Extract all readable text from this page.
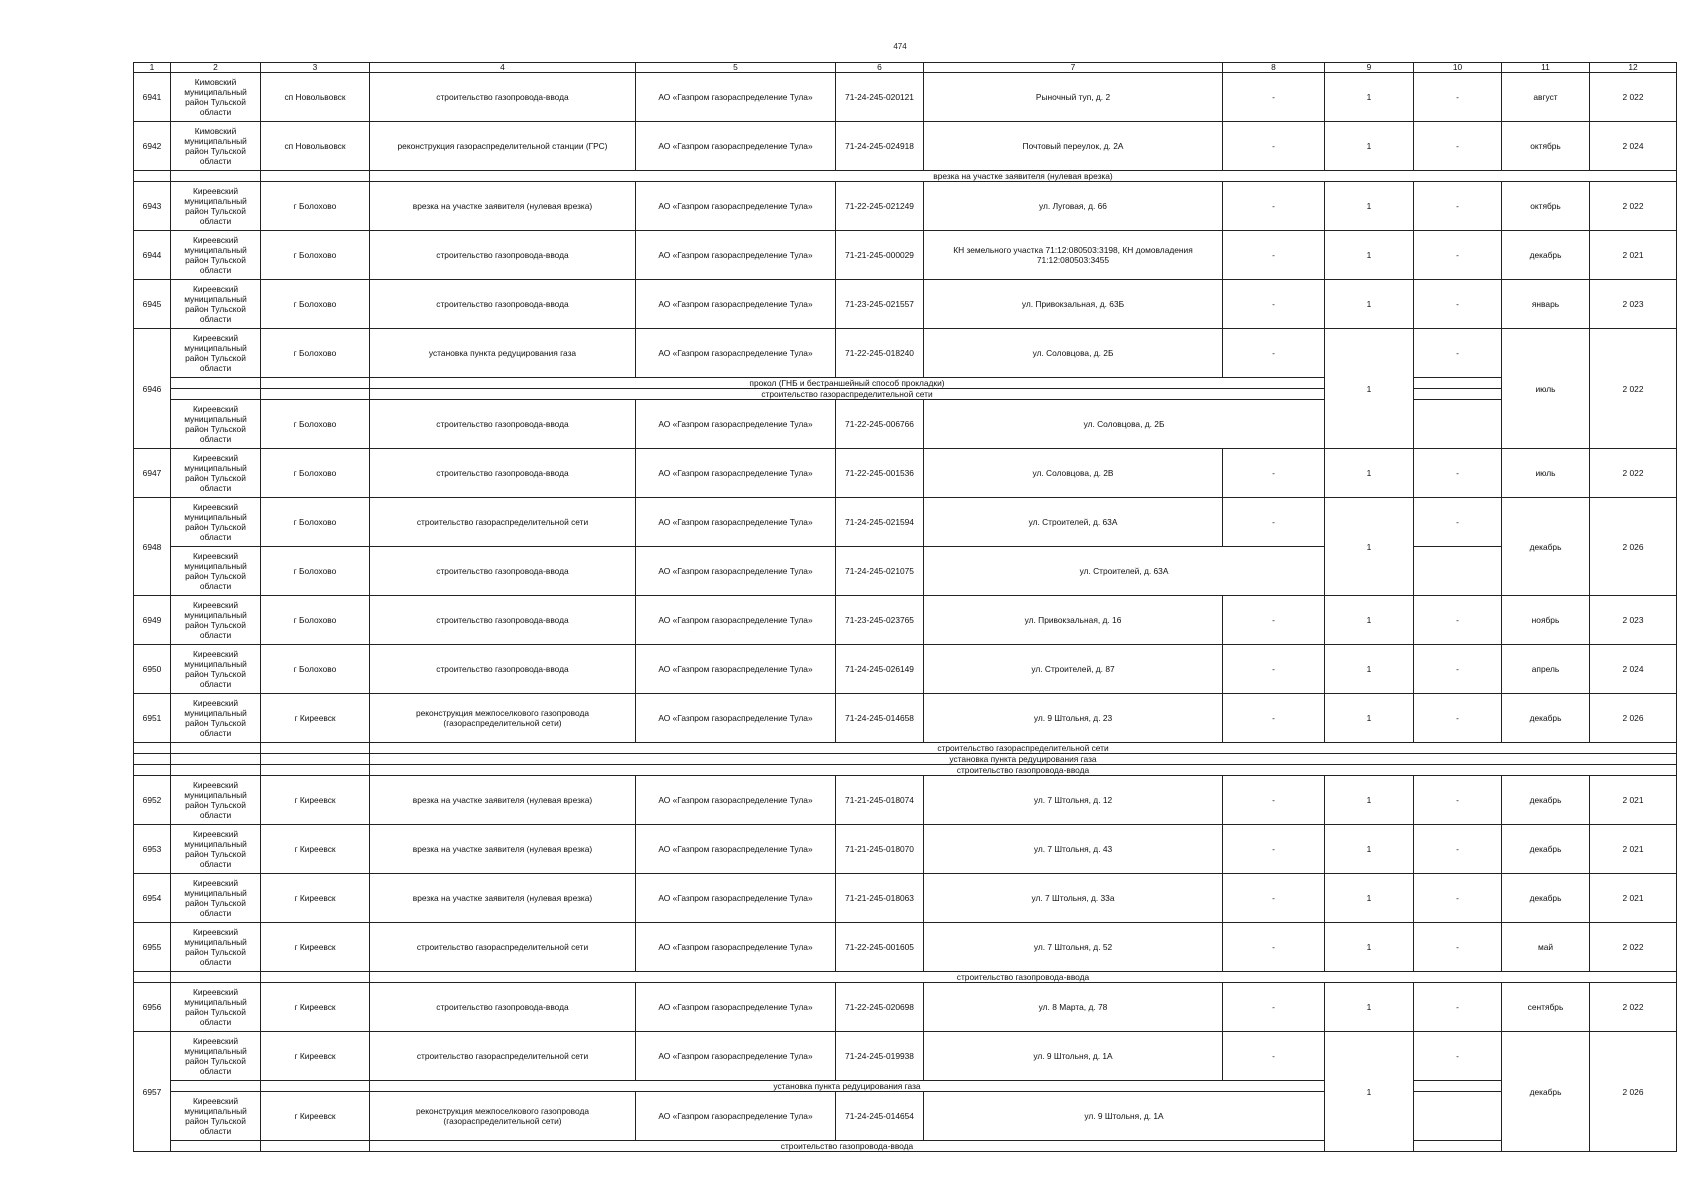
474
1	2	3	4	5	6	7	8	9	10	11	12
6941	Кимовский муниципальный район Тульской области	сп Новольвовск	строительство газопровода-ввода	АО «Газпром газораспределение Тула»	71-24-245-020121	Рыночный туп, д. 2	-	1	-	август	2 022
6942	Кимовский муниципальный район Тульской области	сп Новольвовск	реконструкция газораспределительной станции (ГРС)	АО «Газпром газораспределение Тула»	71-24-245-024918	Почтовый переулок, д. 2А	-	1	-	октябрь	2 024
			врезка на участке заявителя (нулевая врезка)								
6943	Киреевский муниципальный район Тульской области	г Болохово	врезка на участке заявителя (нулевая врезка)	АО «Газпром газораспределение Тула»	71-22-245-021249	ул. Луговая, д. 66	-	1	-	октябрь	2 022
6944	Киреевский муниципальный район Тульской области	г Болохово	строительство газопровода-ввода	АО «Газпром газораспределение Тула»	71-21-245-000029	КН земельного участка 71:12:080503:3198, КН домовладения 71:12:080503:3455	-	1	-	декабрь	2 021
6945	Киреевский муниципальный район Тульской области	г Болохово	строительство газопровода-ввода	АО «Газпром газораспределение Тула»	71-23-245-021557	ул. Привокзальная, д. 63Б	-	1	-	январь	2 023
6946	Киреевский муниципальный район Тульской области	г Болохово	установка пункта редуцирования газа	АО «Газпром газораспределение Тула»	71-22-245-018240	ул. Соловцова, д. 2Б	-	1	-	июль	2 022
			прокол (ГНБ и бестраншейный способ прокладки)								
			строительство газораспределительной сети								
	Киреевский муниципальный район Тульской области	г Болохово	строительство газопровода-ввода	АО «Газпром газораспределение Тула»	71-22-245-006766	ул. Соловцова, д. 2Б					
6947	Киреевский муниципальный район Тульской области	г Болохово	строительство газопровода-ввода	АО «Газпром газораспределение Тула»	71-22-245-001536	ул. Соловцова, д. 2В	-	1	-	июль	2 022
6948	Киреевский муниципальный район Тульской области	г Болохово	строительство газораспределительной сети	АО «Газпром газораспределение Тула»	71-24-245-021594	ул. Строителей, д. 63А	-	1	-	декабрь	2 026
	Киреевский муниципальный район Тульской области	г Болохово	строительство газопровода-ввода	АО «Газпром газораспределение Тула»	71-24-245-021075	ул. Строителей, д. 63А					
6949	Киреевский муниципальный район Тульской области	г Болохово	строительство газопровода-ввода	АО «Газпром газораспределение Тула»	71-23-245-023765	ул. Привокзальная, д. 16	-	1	-	ноябрь	2 023
6950	Киреевский муниципальный район Тульской области	г Болохово	строительство газопровода-ввода	АО «Газпром газораспределение Тула»	71-24-245-026149	ул. Строителей, д. 87	-	1	-	апрель	2 024
6951	Киреевский муниципальный район Тульской области	г Киреевск	реконструкция межпоселкового газопровода (газораспределительной сети)	АО «Газпром газораспределение Тула»	71-24-245-014658	ул. 9 Штольня, д. 23	-	1	-	декабрь	2 026
			строительство газораспределительной сети								
			установка пункта редуцирования газа								
			строительство газопровода-ввода								
6952	Киреевский муниципальный район Тульской области	г Киреевск	врезка на участке заявителя (нулевая врезка)	АО «Газпром газораспределение Тула»	71-21-245-018074	ул. 7 Штольня, д. 12	-	1	-	декабрь	2 021
6953	Киреевский муниципальный район Тульской области	г Киреевск	врезка на участке заявителя (нулевая врезка)	АО «Газпром газораспределение Тула»	71-21-245-018070	ул. 7 Штольня, д. 43	-	1	-	декабрь	2 021
6954	Киреевский муниципальный район Тульской области	г Киреевск	врезка на участке заявителя (нулевая врезка)	АО «Газпром газораспределение Тула»	71-21-245-018063	ул. 7 Штольня, д. 33а	-	1	-	декабрь	2 021
6955	Киреевский муниципальный район Тульской области	г Киреевск	строительство газораспределительной сети	АО «Газпром газораспределение Тула»	71-22-245-001605	ул. 7 Штольня, д. 52	-	1	-	май	2 022
			строительство газопровода-ввода								
6956	Киреевский муниципальный район Тульской области	г Киреевск	строительство газопровода-ввода	АО «Газпром газораспределение Тула»	71-22-245-020698	ул. 8 Марта, д. 78	-	1	-	сентябрь	2 022
6957	Киреевский муниципальный район Тульской области	г Киреевск	строительство газораспределительной сети	АО «Газпром газораспределение Тула»	71-24-245-019938	ул. 9 Штольня, д. 1А	-	1	-	декабрь	2 026
			установка пункта редуцирования газа								
	Киреевский муниципальный район Тульской области	г Киреевск	реконструкция межпоселкового газопровода (газораспределительной сети)	АО «Газпром газораспределение Тула»	71-24-245-014654	ул. 9 Штольня, д. 1А					
			строительство газопровода-ввода								
